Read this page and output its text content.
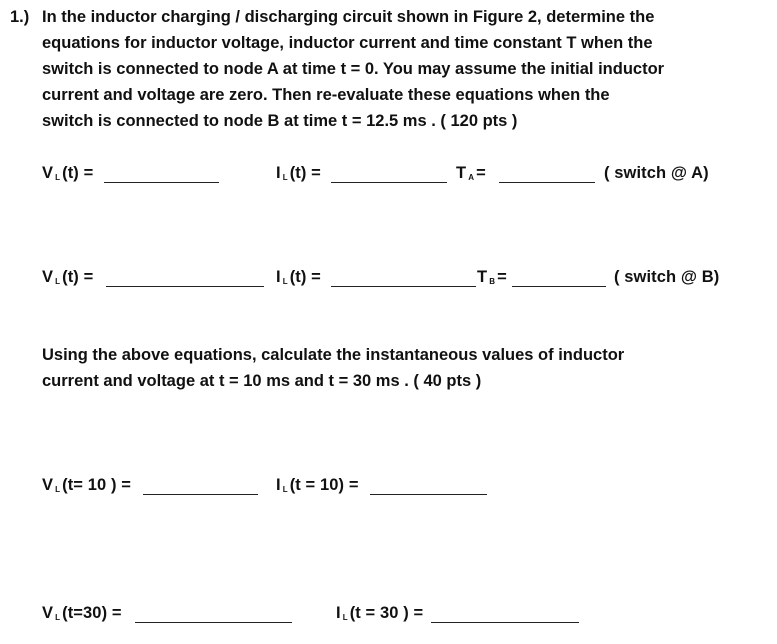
1.) In the inductor charging / discharging circuit shown in Figure 2, determine the
equations for inductor voltage, inductor current and time constant T when the
switch is connected to node A at time t = 0. You may assume the initial inductor
current and voltage are zero. Then re-evaluate these equations when the
switch is connected to node B at time t = 12.5 ms . ( 120 pts )
V $_L$ (t) =	I $_L$ (t) =	T $_A$ =	( switch @ A)
V $_L$ (t) =	I $_L$ (t) =	T $_B$ =	( switch @ B)
Using the above equations, calculate the instantaneous values of inductor
current and voltage at t = 10 ms and t = 30 ms . ( 40 pts )
V $_L$ (t= 10 ) =	I $_L$ (t = 10) =
V $_L$ (t=30) =	I $_L$ (t = 30 ) =
